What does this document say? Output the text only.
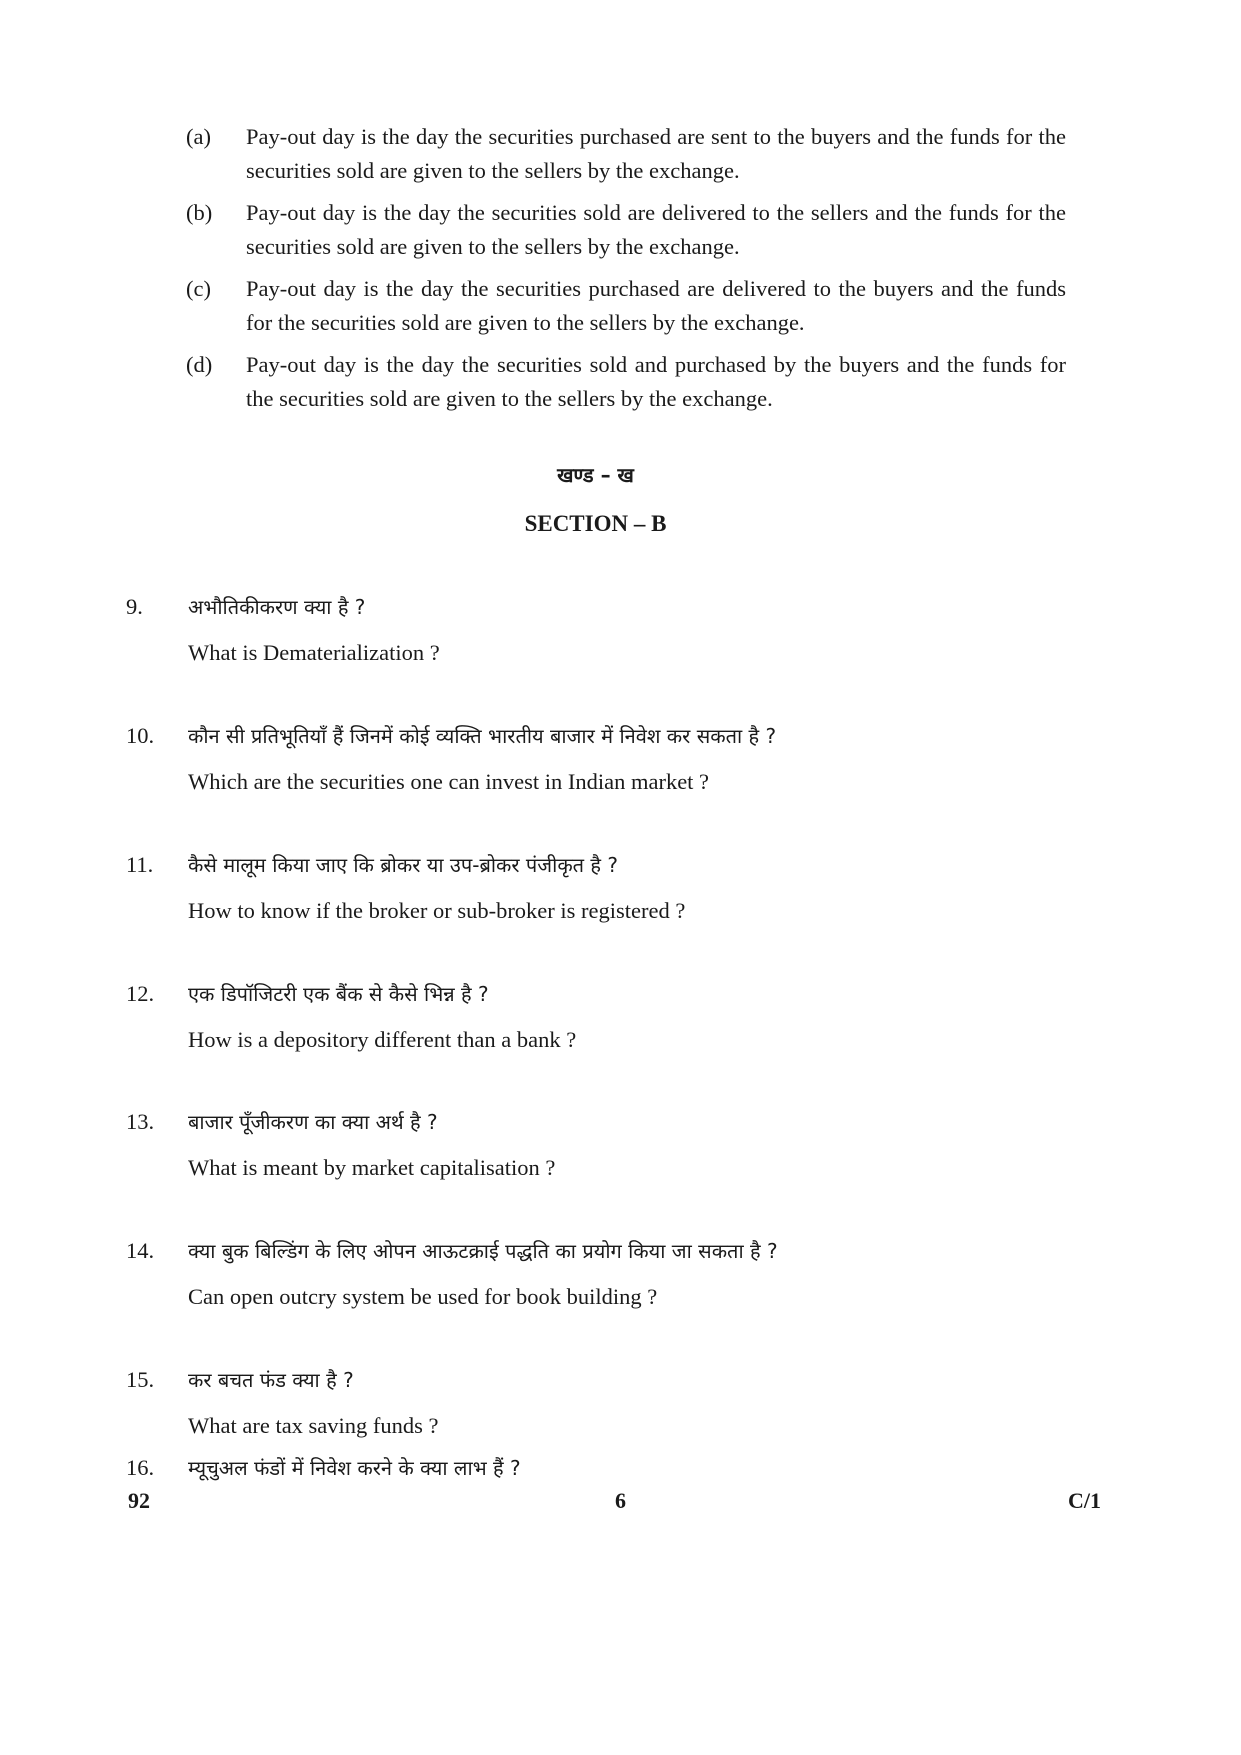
(a)	Pay-out day is the day the securities purchased are sent to the buyers and the funds for the securities sold are given to the sellers by the exchange.
(b)	Pay-out day is the day the securities sold are delivered to the sellers and the funds for the securities sold are given to the sellers by the exchange.
(c)	Pay-out day is the day the securities purchased are delivered to the buyers and the funds for the securities sold are given to the sellers by the exchange.
(d)	Pay-out day is the day the securities sold and purchased by the buyers and the funds for the securities sold are given to the sellers by the exchange.
खण्ड – ख
SECTION – B
9. अभौतिकीकरण क्या है ?
What is Dematerialization ?
10. कौन सी प्रतिभूतियाँ हैं जिनमें कोई व्यक्ति भारतीय बाजार में निवेश कर सकता है ?
Which are the securities one can invest in Indian market ?
11. कैसे मालूम किया जाए कि ब्रोकर या उप-ब्रोकर पंजीकृत है ?
How to know if the broker or sub-broker is registered ?
12. एक डिपॉजिटरी एक बैंक से कैसे भिन्न है ?
How is a depository different than a bank ?
13. बाजार पूँजीकरण का क्या अर्थ है ?
What is meant by market capitalisation ?
14. क्या बुक बिल्डिंग के लिए ओपन आऊटक्राई पद्धति का प्रयोग किया जा सकता है ?
Can open outcry system be used for book building ?
15. कर बचत फंड क्या है ?
What are tax saving funds ?
16. म्यूचुअल फंडों में निवेश करने के क्या लाभ हैं ?
92	6	C/1
